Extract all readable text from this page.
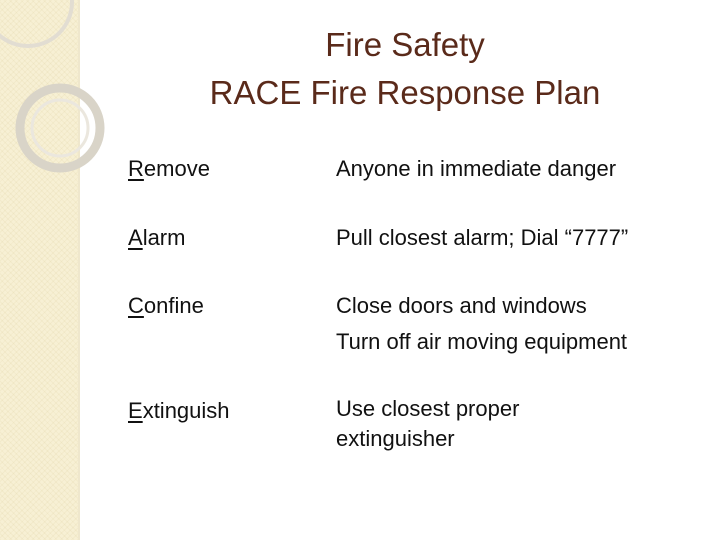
Fire Safety
RACE Fire Response Plan
Remove	Anyone in immediate danger
Alarm	Pull closest alarm; Dial “7777”
Confine	Close doors and windows
Turn off air moving equipment
Extinguish	Use closest proper
extinguisher
